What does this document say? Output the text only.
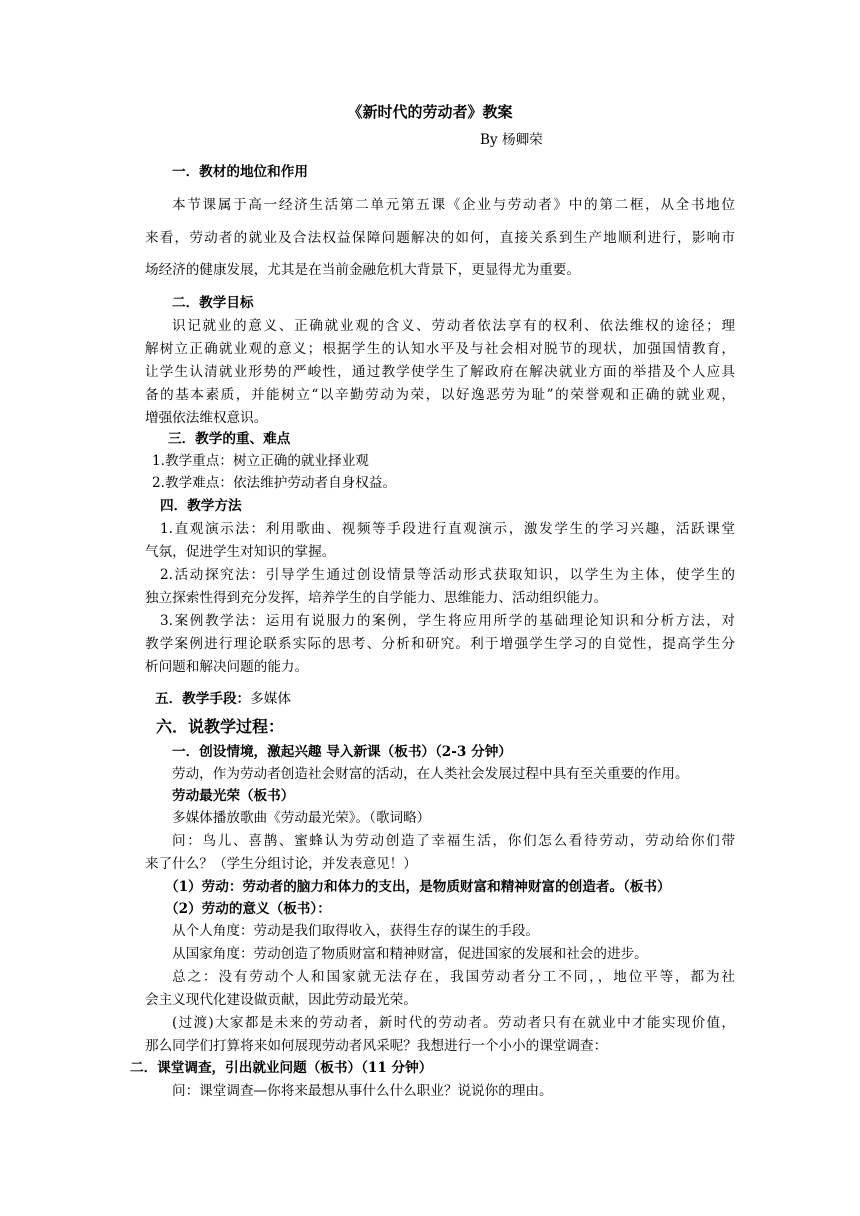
《新时代的劳动者》教案
By 杨卿荣
一．教材的地位和作用
本节课属于高一经济生活第二单元第五课《企业与劳动者》中的第二框，从全书地位
来看，劳动者的就业及合法权益保障问题解决的如何，直接关系到生产地顺利进行，影响市
场经济的健康发展，尤其是在当前金融危机大背景下，更显得尤为重要。
二．教学目标
识记就业的意义、正确就业观的含义、劳动者依法享有的权利、依法维权的途径；理
解树立正确就业观的意义；根据学生的认知水平及与社会相对脱节的现状，加强国情教育，
让学生认清就业形势的严峻性，通过教学使学生了解政府在解决就业方面的举措及个人应具
备的基本素质，并能树立“以辛勤劳动为荣，以好逸恶劳为耻”的荣誉观和正确的就业观，
增强依法维权意识。
三．教学的重、难点
1.教学重点：树立正确的就业择业观
2.教学难点：依法维护劳动者自身权益。
四．教学方法
1.直观演示法：利用歌曲、视频等手段进行直观演示，激发学生的学习兴趣，活跃课堂
气氛，促进学生对知识的掌握。
2.活动探究法：引导学生通过创设情景等活动形式获取知识，以学生为主体，使学生的
独立探索性得到充分发挥，培养学生的自学能力、思维能力、活动组织能力。
3.案例教学法：运用有说服力的案例，学生将应用所学的基础理论知识和分析方法，对
教学案例进行理论联系实际的思考、分析和研究。利于增强学生学习的自觉性，提高学生分
析问题和解决问题的能力。
五．教学手段：多媒体
六．说教学过程：
一．创设情境，激起兴趣 导入新课（板书）（2-3 分钟）
劳动，作为劳动者创造社会财富的活动，在人类社会发展过程中具有至关重要的作用。
劳动最光荣（板书）
多媒体播放歌曲《劳动最光荣》。（歌词略）
问：鸟儿、喜鹊、蜜蜂认为劳动创造了幸福生活，你们怎么看待劳动，劳动给你们带
来了什么？（学生分组讨论，并发表意见！）
（1）劳动：劳动者的脑力和体力的支出，是物质财富和精神财富的创造者。（板书）
（2）劳动的意义（板书）：
从个人角度：劳动是我们取得收入，获得生存的谋生的手段。
从国家角度：劳动创造了物质财富和精神财富，促进国家的发展和社会的进步。
总之：没有劳动个人和国家就无法存在，我国劳动者分工不同，，地位平等，都为社
会主义现代化建设做贡献，因此劳动最光荣。
(过渡)大家都是未来的劳动者，新时代的劳动者。劳动者只有在就业中才能实现价值，
那么同学们打算将来如何展现劳动者风采呢？我想进行一个小小的课堂调查：
二．课堂调查，引出就业问题（板书）（11 分钟）
问：课堂调查—你将来最想从事什么什么职业？说说你的理由。
